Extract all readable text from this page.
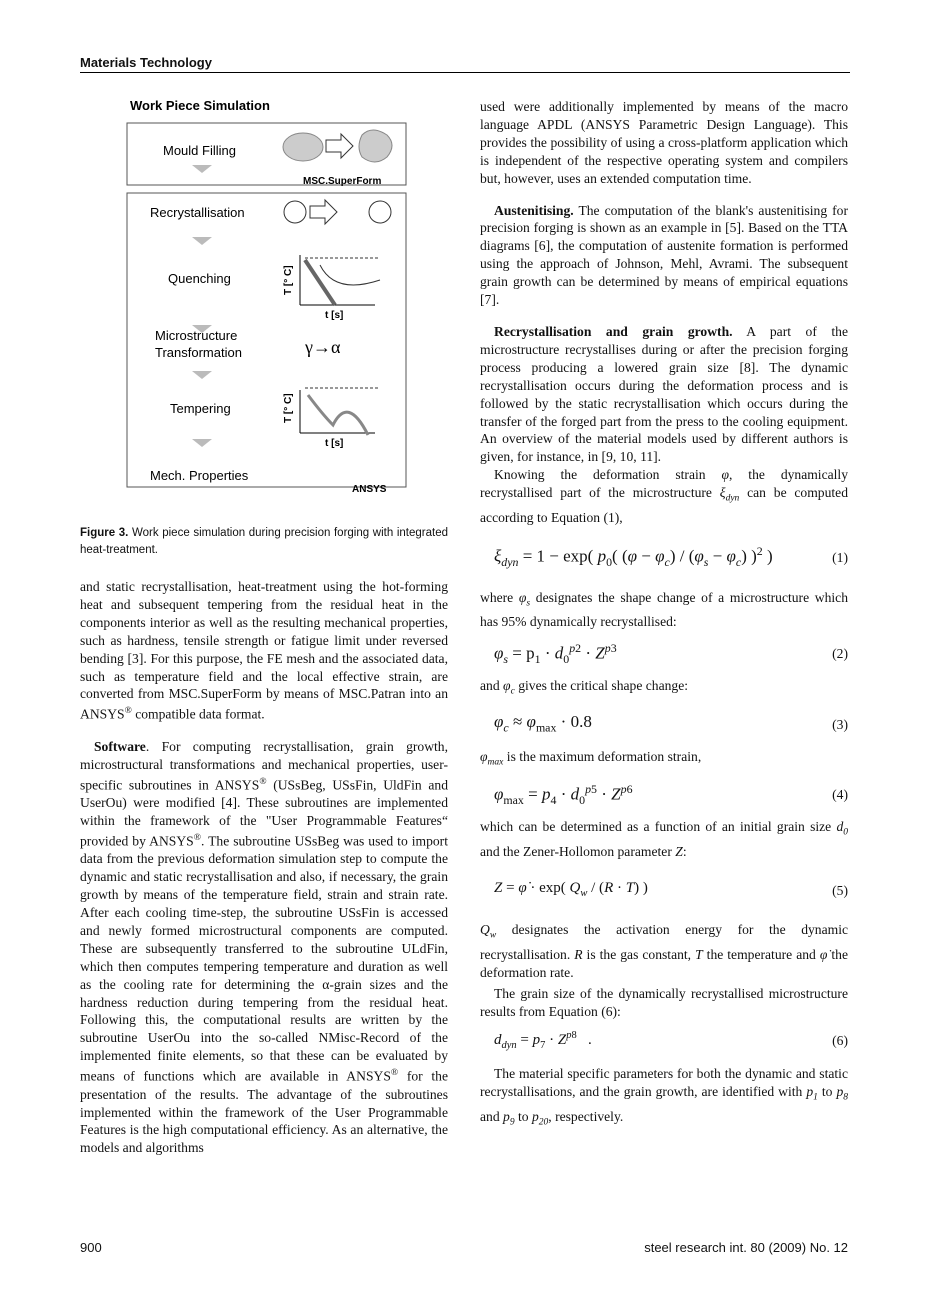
Materials Technology
Work Piece Simulation
Mould Filling
MSC.SuperForm
Recrystallisation
Quenching	T [° C]
t [s]
Microstructure
Transformation	γ→α
Tempering	T [° C]
t [s]
Mech. Properties
ANSYS
Figure 3. Work piece simulation during precision forging with integrated heat-treatment.

and static recrystallisation, heat-treatment using the hot-forming heat and subsequent tempering from the residual heat in the components interior as well as the resulting mechanical properties, such as hardness, tensile strength or fatigue limit under reversed bending [3]. For this purpose, the FE mesh and the associated data, such as temperature field and the local effective strain, are converted from MSC.SuperForm by means of MSC.Patran into an ANSYS® compatible data format.

Software. For computing recrystallisation, grain growth, microstructural transformations and mechanical properties, user-specific subroutines in ANSYS® (USsBeg, USsFin, UldFin and UserOu) were modified [4]. These subroutines are implemented within the framework of the "User Programmable Features“ provided by ANSYS®. The subroutine USsBeg was used to import data from the previous deformation simulation step to compute the dynamic and static recrystallisation and also, if necessary, the grain growth by means of the temperature field, strain and strain rate. After each cooling time-step, the subroutine USsFin is accessed and newly formed microstructural components are computed. These are subsequently transferred to the subroutine ULdFin, which then computes tempering temperature and duration as well as the cooling rate for determining the α-grain sizes and the hardness reduction during tempering from the residual heat. Following this, the computational results are written by the subroutine UserOu into the so-called NMisc-Record of the implemented finite elements, so that these can be evaluated by means of functions which are available in ANSYS® for the presentation of the results. The advantage of the subroutines implemented within the framework of the User Programmable Features is the high computational efficiency. As an alternative, the models and algorithms

used were additionally implemented by means of the macro language APDL (ANSYS Parametric Design Language). This provides the possibility of using a cross-platform application which is independent of the respective operating system and compilers but, however, uses an extended computation time.

Austenitising. The computation of the blank's austenitising for precision forging is shown as an example in [5]. Based on the TTA diagrams [6], the computation of austenite formation is performed using the approach of Johnson, Mehl, Avrami. The subsequent grain growth can be determined by means of empirical equations [7].

Recrystallisation and grain growth. A part of the microstructure recrystallises during or after the precision forging process producing a lowered grain size [8]. The dynamic recrystallisation occurs during the deformation process and is followed by the static recrystallisation which occurs during the transfer of the forged part from the press to the cooling equipment. An overview of the material models used by different authors is given, for instance, in [9, 10, 11].

Knowing the deformation strain φ, the dynamically recrystallised part of the microstructure $\xi_{dyn}$ can be computed according to Equation (1),

$\xi_{dyn} = 1 - \exp$( $p_0$( $(\varphi - \varphi_c) / (\varphi_s - \varphi_c)$ )$^2$ )	(1)

where $\varphi_s$ designates the shape change of a microstructure which has 95% dynamically recrystallised:

$\varphi_s = p_1 \cdot d_0^{p2} \cdot Z^{p3}$	(2)

and $\varphi_c$ gives the critical shape change:

$\varphi_c \approx \varphi_{max} \cdot 0.8$	(3)

$\varphi_{max}$ is the maximum deformation strain,

$\varphi_{max} = p_4 \cdot d_0^{p5} \cdot Z^{p6}$	(4)

which can be determined as a function of an initial grain size $d_0$ and the Zener-Hollomon parameter Z:

Z = φ̇ · exp( $Q_w / (R \cdot T)$ )	(5)

$Q_w$ designates the activation energy for the dynamic recrystallisation. R is the gas constant, T the temperature and φ̇ the deformation rate.

The grain size of the dynamically recrystallised microstructure results from Equation (6):

$d_{dyn} = p_7 \cdot Z^{p8}$   .	(6)

The material specific parameters for both the dynamic and static recrystallisations, and the grain growth, are identified with $p_1$ to $p_8$ and $p_9$ to $p_{20}$, respectively.

900	steel research int. 80 (2009) No. 12
